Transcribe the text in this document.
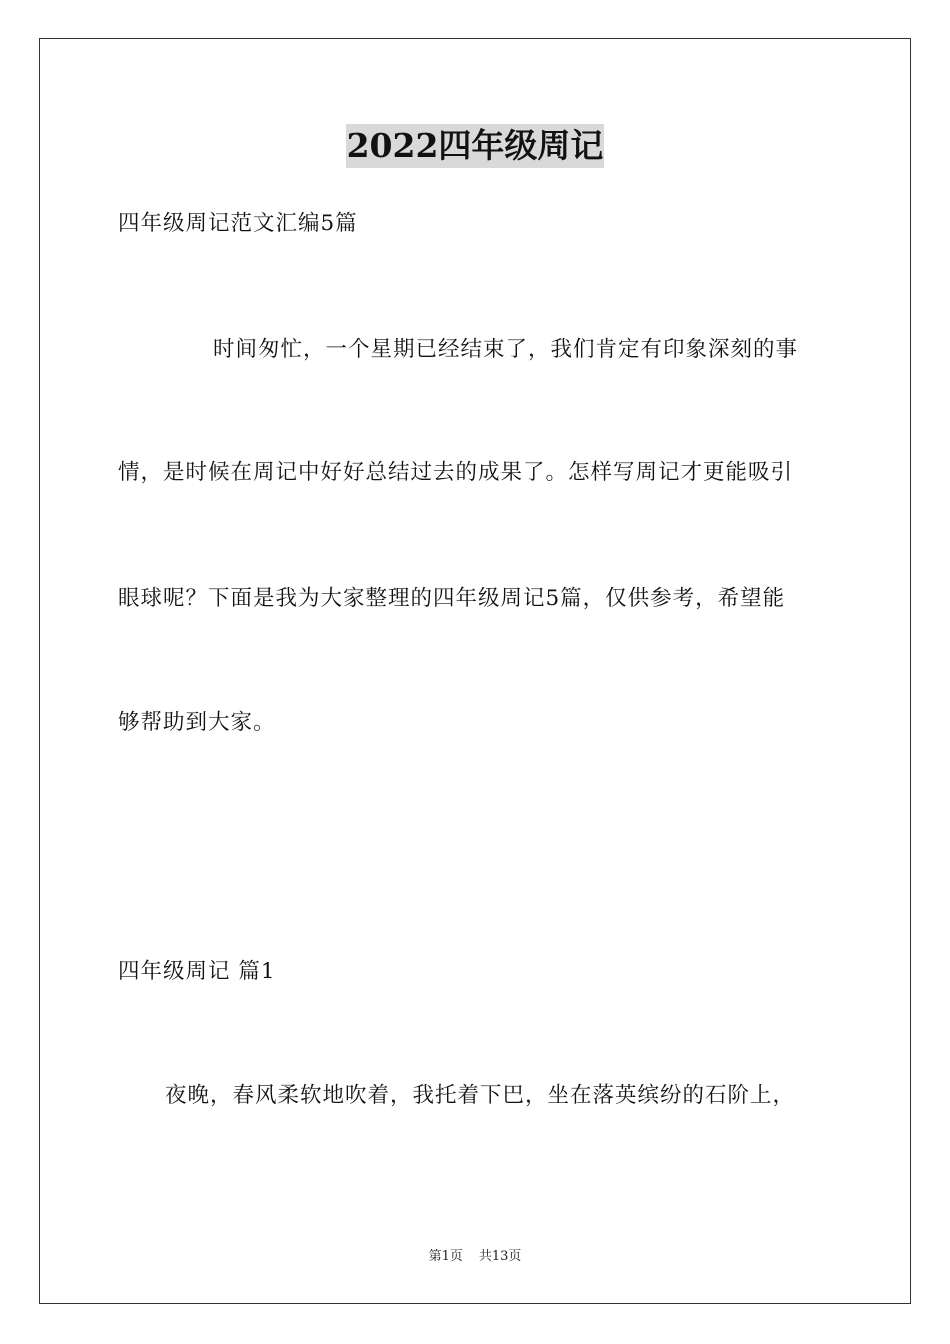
2022四年级周记
四年级周记范文汇编5篇
时间匆忙，一个星期已经结束了，我们肯定有印象深刻的事
情，是时候在周记中好好总结过去的成果了。怎样写周记才更能吸引
眼球呢？下面是我为大家整理的四年级周记5篇，仅供参考，希望能
够帮助到大家。
四年级周记 篇1
夜晚，春风柔软地吹着，我托着下巴，坐在落英缤纷的石阶上，
第1页 共13页
